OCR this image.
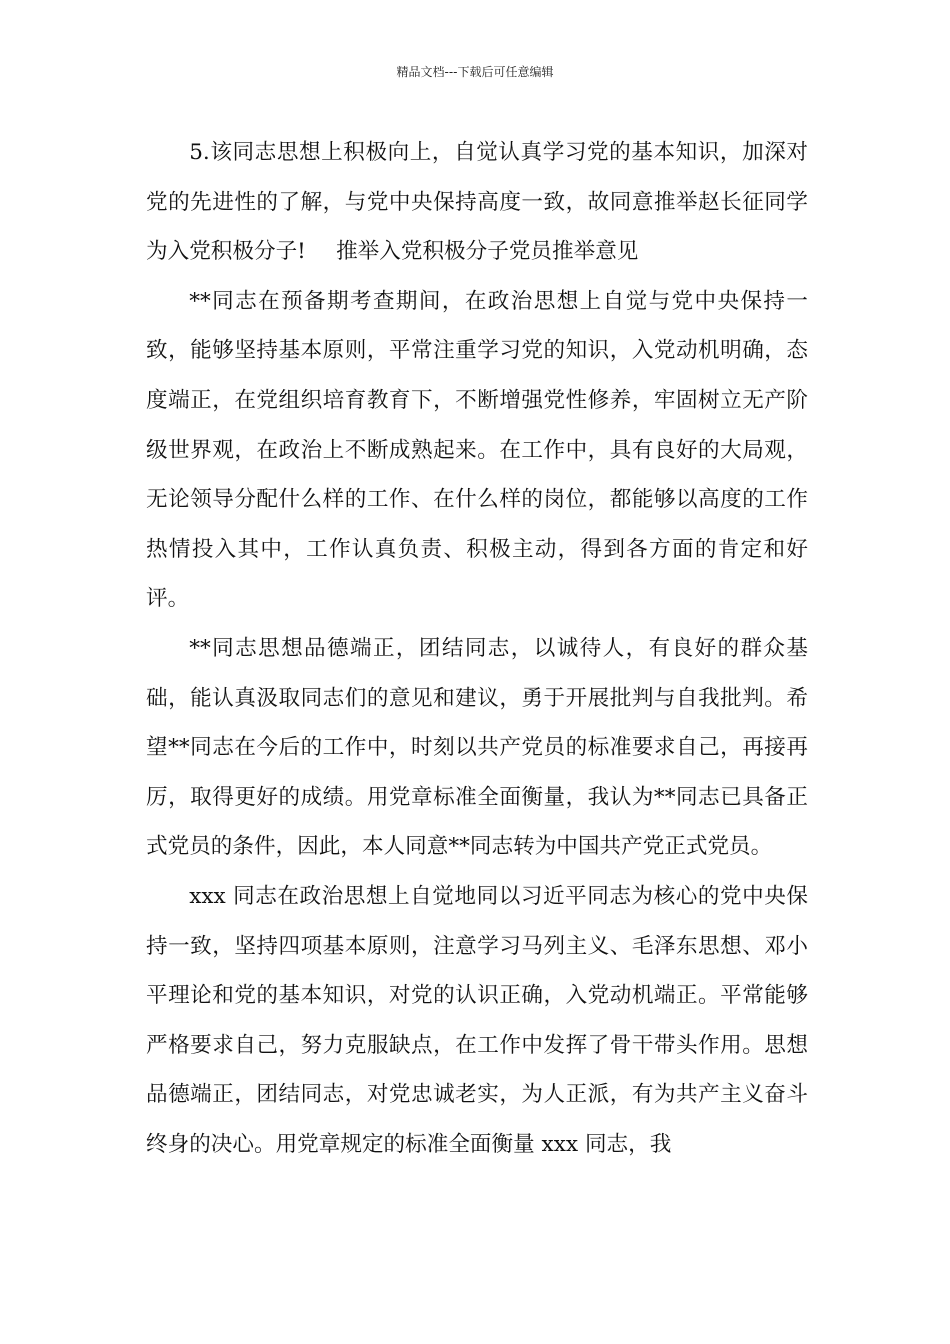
精品文档---下载后可任意编辑

5.该同志思想上积极向上，自觉认真学习党的基本知识，加深对党的先进性的了解，与党中央保持高度一致，故同意推举赵长征同学为入党积极分子! 推举入党积极分子党员推举意见

**同志在预备期考查期间，在政治思想上自觉与党中央保持一致，能够坚持基本原则，平常注重学习党的知识，入党动机明确，态度端正，在党组织培育教育下，不断增强党性修养，牢固树立无产阶级世界观，在政治上不断成熟起来。在工作中，具有良好的大局观，无论领导分配什么样的工作、在什么样的岗位，都能够以高度的工作热情投入其中，工作认真负责、积极主动，得到各方面的肯定和好评。

**同志思想品德端正，团结同志，以诚待人，有良好的群众基础，能认真汲取同志们的意见和建议，勇于开展批判与自我批判。希望**同志在今后的工作中，时刻以共产党员的标准要求自己，再接再厉，取得更好的成绩。用党章标准全面衡量，我认为**同志已具备正式党员的条件，因此，本人同意**同志转为中国共产党正式党员。

xxx 同志在政治思想上自觉地同以习近平同志为核心的党中央保持一致，坚持四项基本原则，注意学习马列主义、毛泽东思想、邓小平理论和党的基本知识，对党的认识正确，入党动机端正。平常能够严格要求自己，努力克服缺点，在工作中发挥了骨干带头作用。思想品德端正，团结同志，对党忠诚老实，为人正派，有为共产主义奋斗终身的决心。用党章规定的标准全面衡量 xxx 同志，我
